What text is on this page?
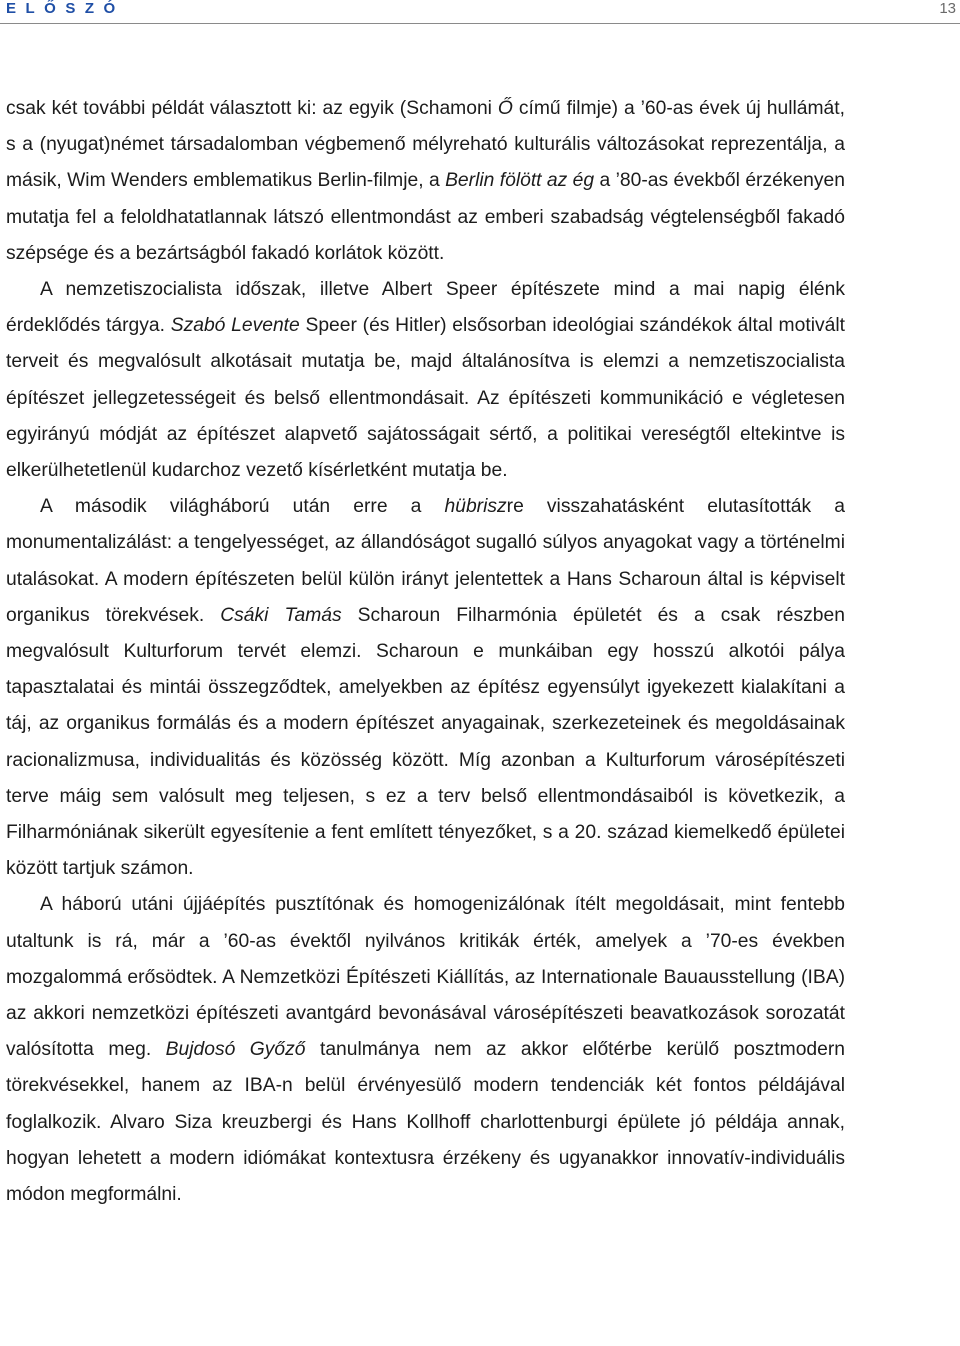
ELŐSZÓ	13

csak két további példát választott ki: az egyik (Schamoni Ő című filmje) a ’60-as évek új hullámát, s a (nyugat)német társadalomban végbemenő mélyreható kulturális változásokat reprezentálja, a másik, Wim Wenders emblematikus Berlin-filmje, a Berlin fölött az ég a ’80-as évekből érzékenyen mutatja fel a feloldhatatlannak látszó ellentmondást az emberi szabadság végtelenségből fakadó szépsége és a bezártságból fakadó korlátok között.

A nemzetiszocialista időszak, illetve Albert Speer építészete mind a mai napig élénk érdeklődés tárgya. Szabó Levente Speer (és Hitler) elsősorban ideológiai szándékok által motivált terveit és megvalósult alkotásait mutatja be, majd általánosítva is elemzi a nemzetiszocialista építészet jellegzetességeit és belső ellentmondásait. Az építészeti kommunikáció e végletesen egyirányú módját az építészet alapvető sajátosságait sértő, a politikai vereségtől eltekintve is elkerülhetetlenül kudarchoz vezető kísérletként mutatja be.

A második világháború után erre a hübriszre visszahatásként elutasították a monumentalizálást: a tengelyességet, az állandóságot sugalló súlyos anyagokat vagy a történelmi utalásokat. A modern építészeten belül külön irányt jelentettek a Hans Scharoun által is képviselt organikus törekvések. Csáki Tamás Scharoun Filharmónia épületét és a csak részben megvalósult Kulturforum tervét elemzi. Scharoun e munkáiban egy hosszú alkotói pálya tapasztalatai és mintái összegződtek, amelyekben az építész egyensúlyt igyekezett kialakítani a táj, az organikus formálás és a modern építészet anyagainak, szerkezeteinek és megoldásainak racionalizmusa, individualitás és közösség között. Míg azonban a Kulturforum városépítészeti terve máig sem valósult meg teljesen, s ez a terv belső ellentmondásaiból is következik, a Filharmóniának sikerült egyesítenie a fent említett tényezőket, s a 20. század kiemelkedő épületei között tartjuk számon.

A háború utáni újjáépítés pusztítónak és homogenizálónak ítélt megoldásait, mint fentebb utaltunk is rá, már a ’60-as évektől nyilvános kritikák érték, amelyek a ’70-es években mozgalommá erősödtek. A Nemzetközi Építészeti Kiállítás, az Internationale Bauausstellung (IBA) az akkori nemzetközi építészeti avantgárd bevonásával városépítészeti beavatkozások sorozatát valósította meg. Bujdosó Győző tanulmánya nem az akkor előtérbe kerülő posztmodern törekvésekkel, hanem az IBA-n belül érvényesülő modern tendenciák két fontos példájával foglalkozik. Alvaro Siza kreuzbergi és Hans Kollhoff charlottenburgi épülete jó példája annak, hogyan lehetett a modern idiómákat kontextusra érzékeny és ugyanakkor innovatív-individuális módon megformálni.
